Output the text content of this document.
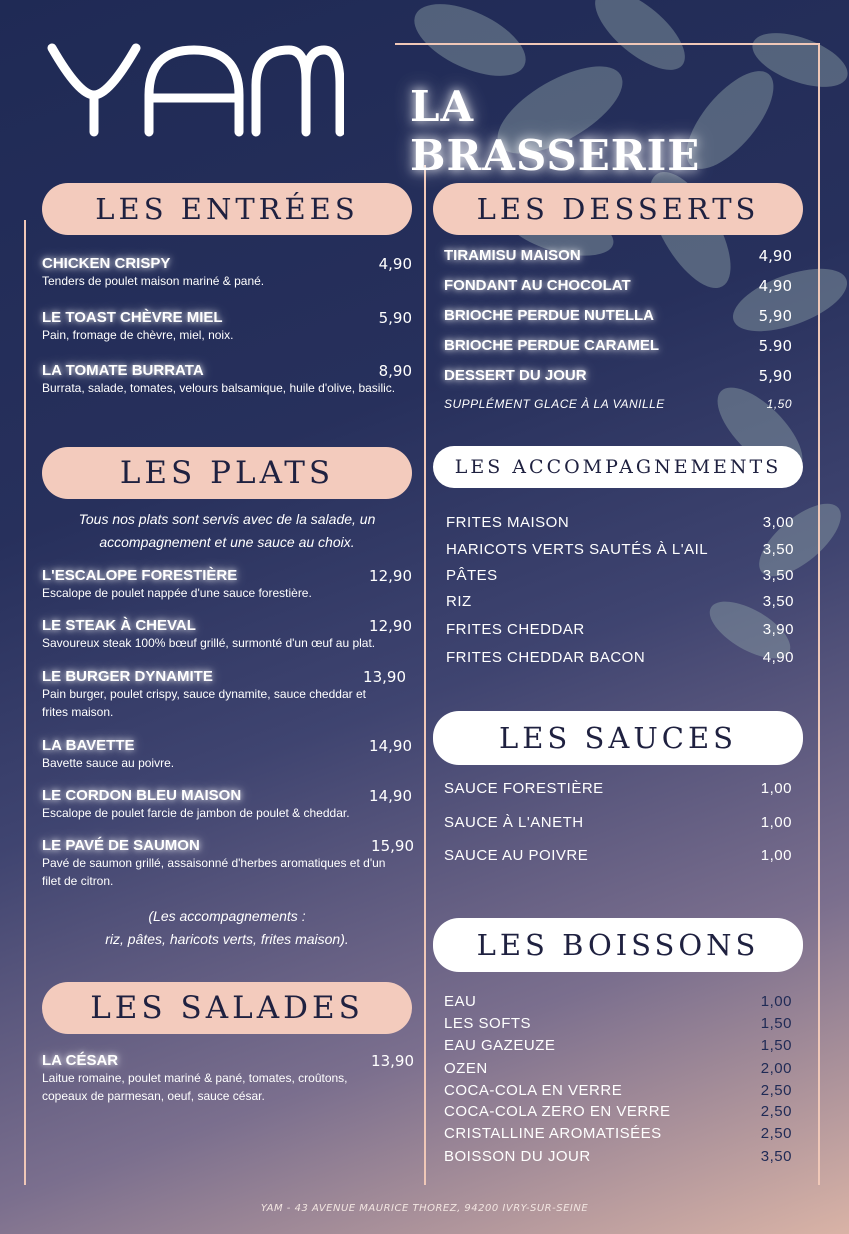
LA BRASSERIE
LES ENTRÉES
CHICKEN CRISPY	4,90
Tenders de poulet maison mariné & pané.
LE TOAST CHÈVRE MIEL	5,90
Pain, fromage de chèvre, miel, noix.
LA TOMATE BURRATA	8,90
Burrata, salade, tomates, velours balsamique, huile d'olive, basilic.
LES PLATS
Tous nos plats sont servis avec de la salade, un
accompagnement et une sauce au choix.
L'ESCALOPE FORESTIÈRE	12,90
Escalope de poulet nappée d'une sauce forestière.
LE STEAK À CHEVAL	12,90
Savoureux steak 100% bœuf grillé, surmonté d'un œuf au plat.
LE BURGER DYNAMITE	13,90
Pain burger, poulet crispy, sauce dynamite, sauce cheddar et
frites maison.
LA BAVETTE	14,90
Bavette sauce au poivre.
LE CORDON BLEU MAISON	14,90
Escalope de poulet farcie de jambon de poulet & cheddar.
LE PAVÉ DE SAUMON	15,90
Pavé de saumon grillé, assaisonné d'herbes aromatiques et d'un
filet de citron.
(Les accompagnements :
riz, pâtes, haricots verts, frites maison).
LES SALADES
LA CÉSAR	13,90
Laitue romaine, poulet mariné & pané, tomates, croûtons,
copeaux de parmesan, oeuf, sauce césar.
LES DESSERTS
TIRAMISU MAISON	4,90
FONDANT AU CHOCOLAT	4,90
BRIOCHE PERDUE NUTELLA	5,90
BRIOCHE PERDUE CARAMEL	5.90
DESSERT DU JOUR	5,90
SUPPLÉMENT GLACE À LA VANILLE	1,50
LES ACCOMPAGNEMENTS
FRITES MAISON	3,00
HARICOTS VERTS SAUTÉS À L'AIL	3,50
PÂTES	3,50
RIZ	3,50
FRITES CHEDDAR	3,90
FRITES CHEDDAR BACON	4,90
LES SAUCES
SAUCE FORESTIÈRE	1,00
SAUCE À L'ANETH	1,00
SAUCE AU POIVRE	1,00
LES BOISSONS
EAU	1,00
LES SOFTS	1,50
EAU GAZEUZE	1,50
OZEN	2,00
COCA-COLA EN VERRE	2,50
COCA-COLA ZERO EN VERRE	2,50
CRISTALLINE AROMATISÉES	2,50
BOISSON DU JOUR	3,50
YAM - 43 AVENUE MAURICE THOREZ, 94200 IVRY-SUR-SEINE
